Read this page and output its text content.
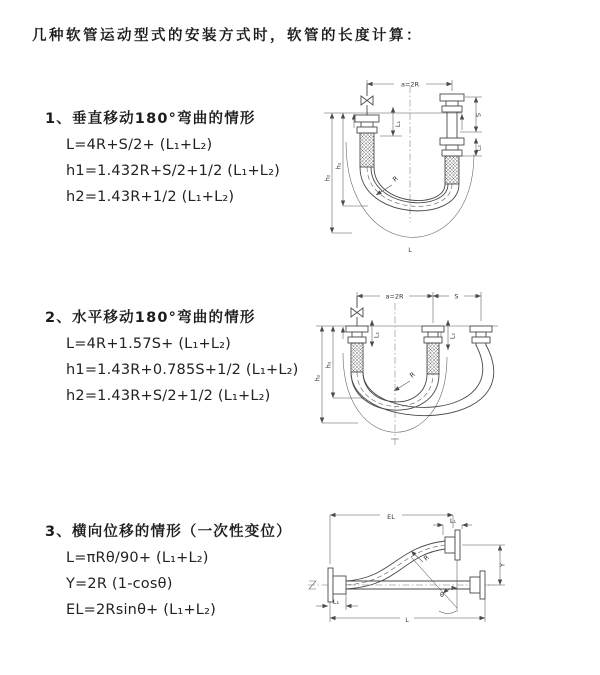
几种软管运动型式的安装方式时，软管的长度计算：
1、垂直移动180°弯曲的情形
L=4R+S/2+ (L₁+L₂)
h1=1.432R+S/2+1/2 (L₁+L₂)
h2=1.43R+1/2 (L₁+L₂)
2、水平移动180°弯曲的情形
L=4R+1.57S+ (L₁+L₂)
h1=1.43R+0.785S+1/2 (L₁+L₂)
h2=1.43R+S/2+1/2 (L₁+L₂)
3、横向位移的情形（一次性变位）
L=πRθ/90+ (L₁+L₂)
Y=2R (1-cosθ)
EL=2Rsinθ+ (L₁+L₂)
a=2R
h₂
h₁
L₁
S
L₂
L
R
a=2R	S
h₂
h₁
L₁	L₂
R
EL	L₁
Y
L
L₁
θ
R
